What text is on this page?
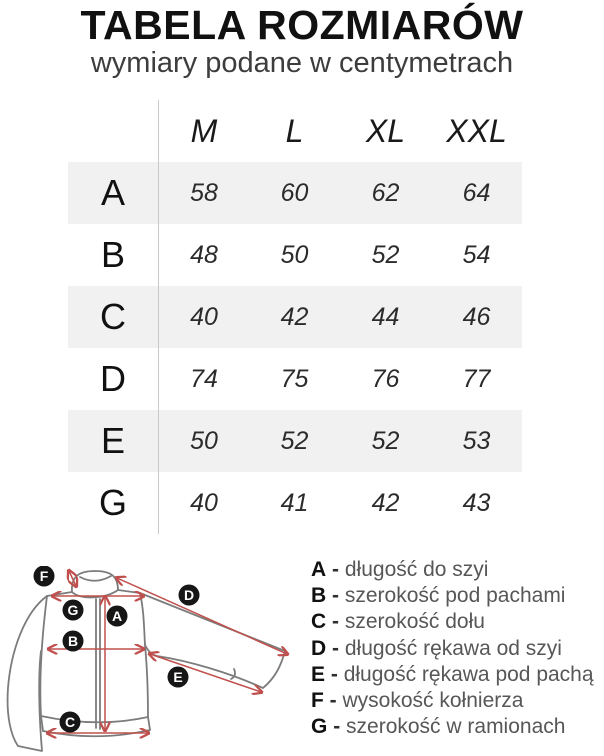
TABELA ROZMIARÓW
wymiary podane w centymetrach
M	L	XL	XXL
A	58	60	62	64
B	48	50	52	54
C	40	42	44	46
D	74	75	76	77
E	50	52	52	53
G	40	41	42	43
A - długość do szyi
B - szerokość pod pachami
C - szerokość dołu
D - długość rękawa od szyi
E - długość rękawa pod pachą
F - wysokość kołnierza
G - szerokość w ramionach
F
G A
B
C
D
E
